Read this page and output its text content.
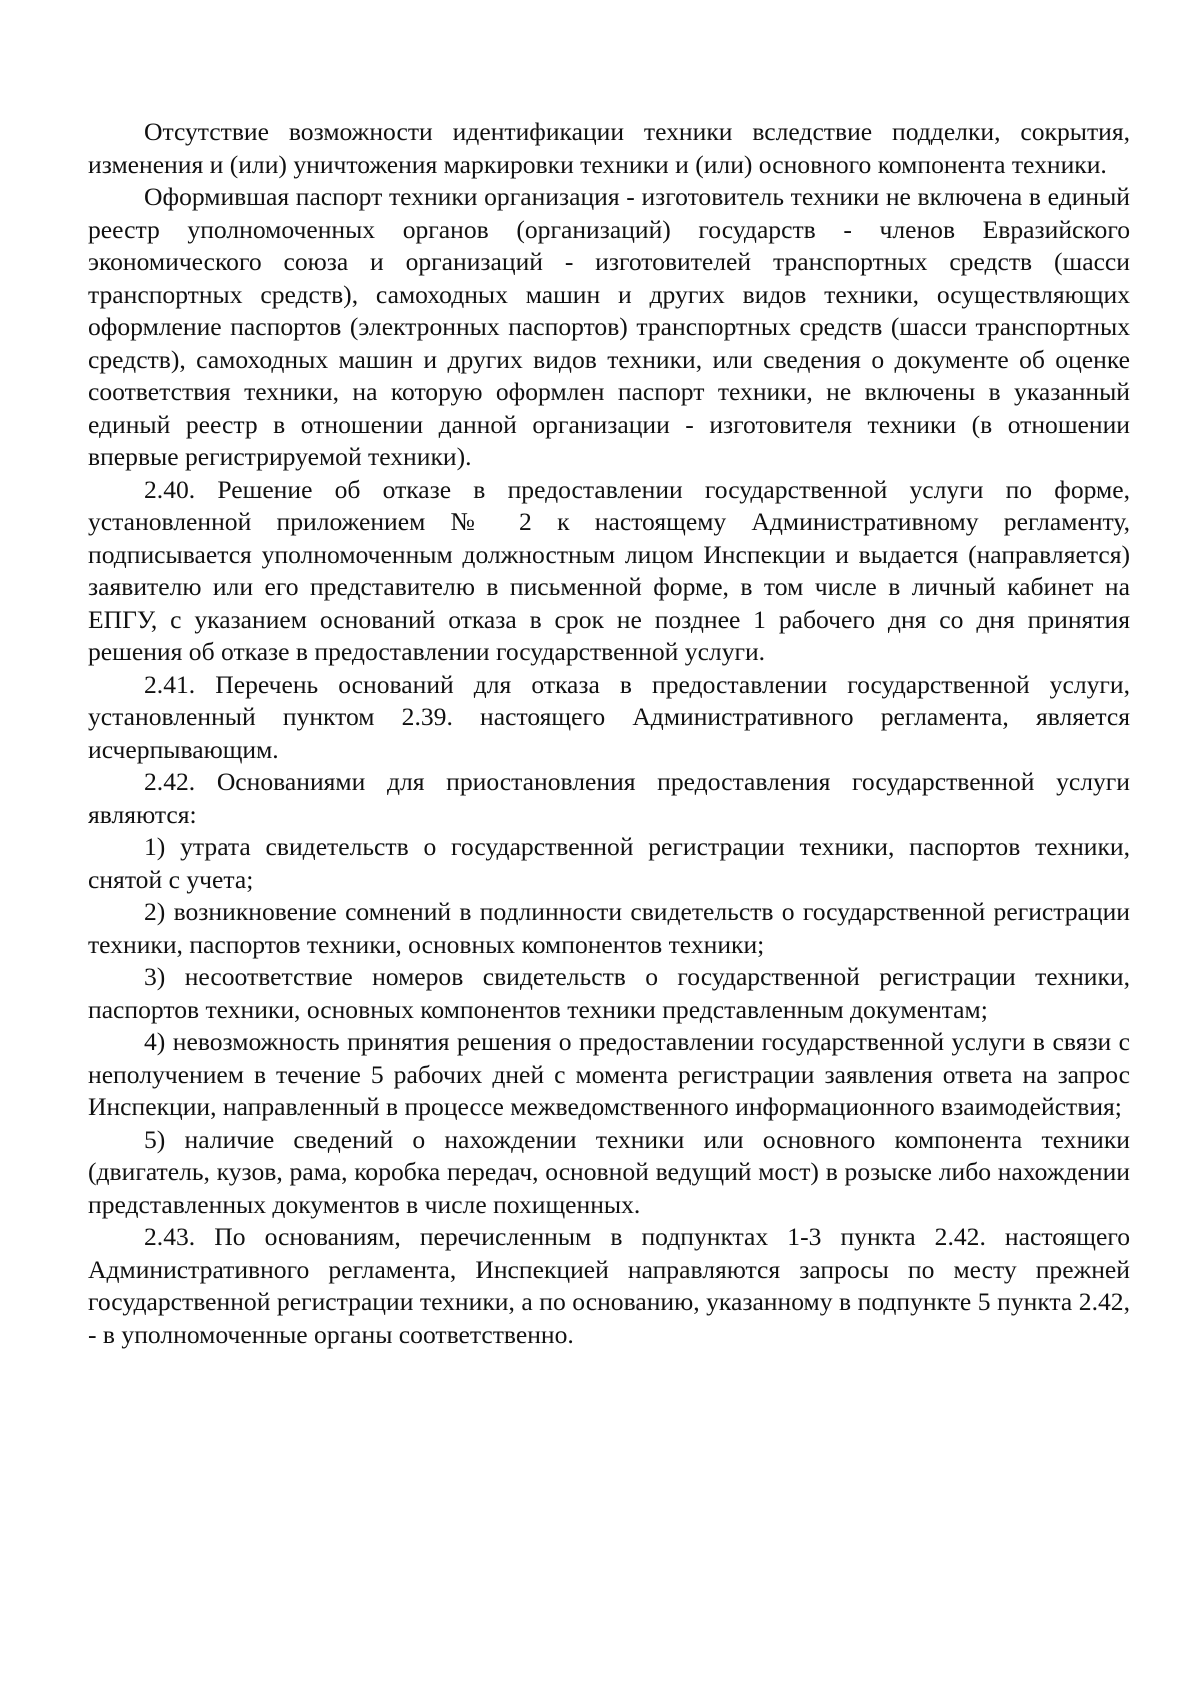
Отсутствие возможности идентификации техники вследствие подделки, сокрытия, изменения и (или) уничтожения маркировки техники и (или) основного компонента техники.

Оформившая паспорт техники организация - изготовитель техники не включена в единый реестр уполномоченных органов (организаций) государств - членов Евразийского экономического союза и организаций - изготовителей транспортных средств (шасси транспортных средств), самоходных машин и других видов техники, осуществляющих оформление паспортов (электронных паспортов) транспортных средств (шасси транспортных средств), самоходных машин и других видов техники, или сведения о документе об оценке соответствия техники, на которую оформлен паспорт техники, не включены в указанный единый реестр в отношении данной организации - изготовителя техники (в отношении впервые регистрируемой техники).

2.40. Решение об отказе в предоставлении государственной услуги по форме, установленной приложением № 2 к настоящему Административному регламенту, подписывается уполномоченным должностным лицом Инспекции и выдается (направляется) заявителю или его представителю в письменной форме, в том числе в личный кабинет на ЕПГУ, с указанием оснований отказа в срок не позднее 1 рабочего дня со дня принятия решения об отказе в предоставлении государственной услуги.

2.41. Перечень оснований для отказа в предоставлении государственной услуги, установленный пунктом 2.39. настоящего Административного регламента, является исчерпывающим.

2.42. Основаниями для приостановления предоставления государственной услуги являются:

1) утрата свидетельств о государственной регистрации техники, паспортов техники, снятой с учета;

2) возникновение сомнений в подлинности свидетельств о государственной регистрации техники, паспортов техники, основных компонентов техники;

3) несоответствие номеров свидетельств о государственной регистрации техники, паспортов техники, основных компонентов техники представленным документам;

4) невозможность принятия решения о предоставлении государственной услуги в связи с неполучением в течение 5 рабочих дней с момента регистрации заявления ответа на запрос Инспекции, направленный в процессе межведомственного информационного взаимодействия;

5) наличие сведений о нахождении техники или основного компонента техники (двигатель, кузов, рама, коробка передач, основной ведущий мост) в розыске либо нахождении представленных документов в числе похищенных.

2.43. По основаниям, перечисленным в подпунктах 1-3 пункта 2.42. настоящего Административного регламента, Инспекцией направляются запросы по месту прежней государственной регистрации техники, а по основанию, указанному в подпункте 5 пункта 2.42, - в уполномоченные органы соответственно.
